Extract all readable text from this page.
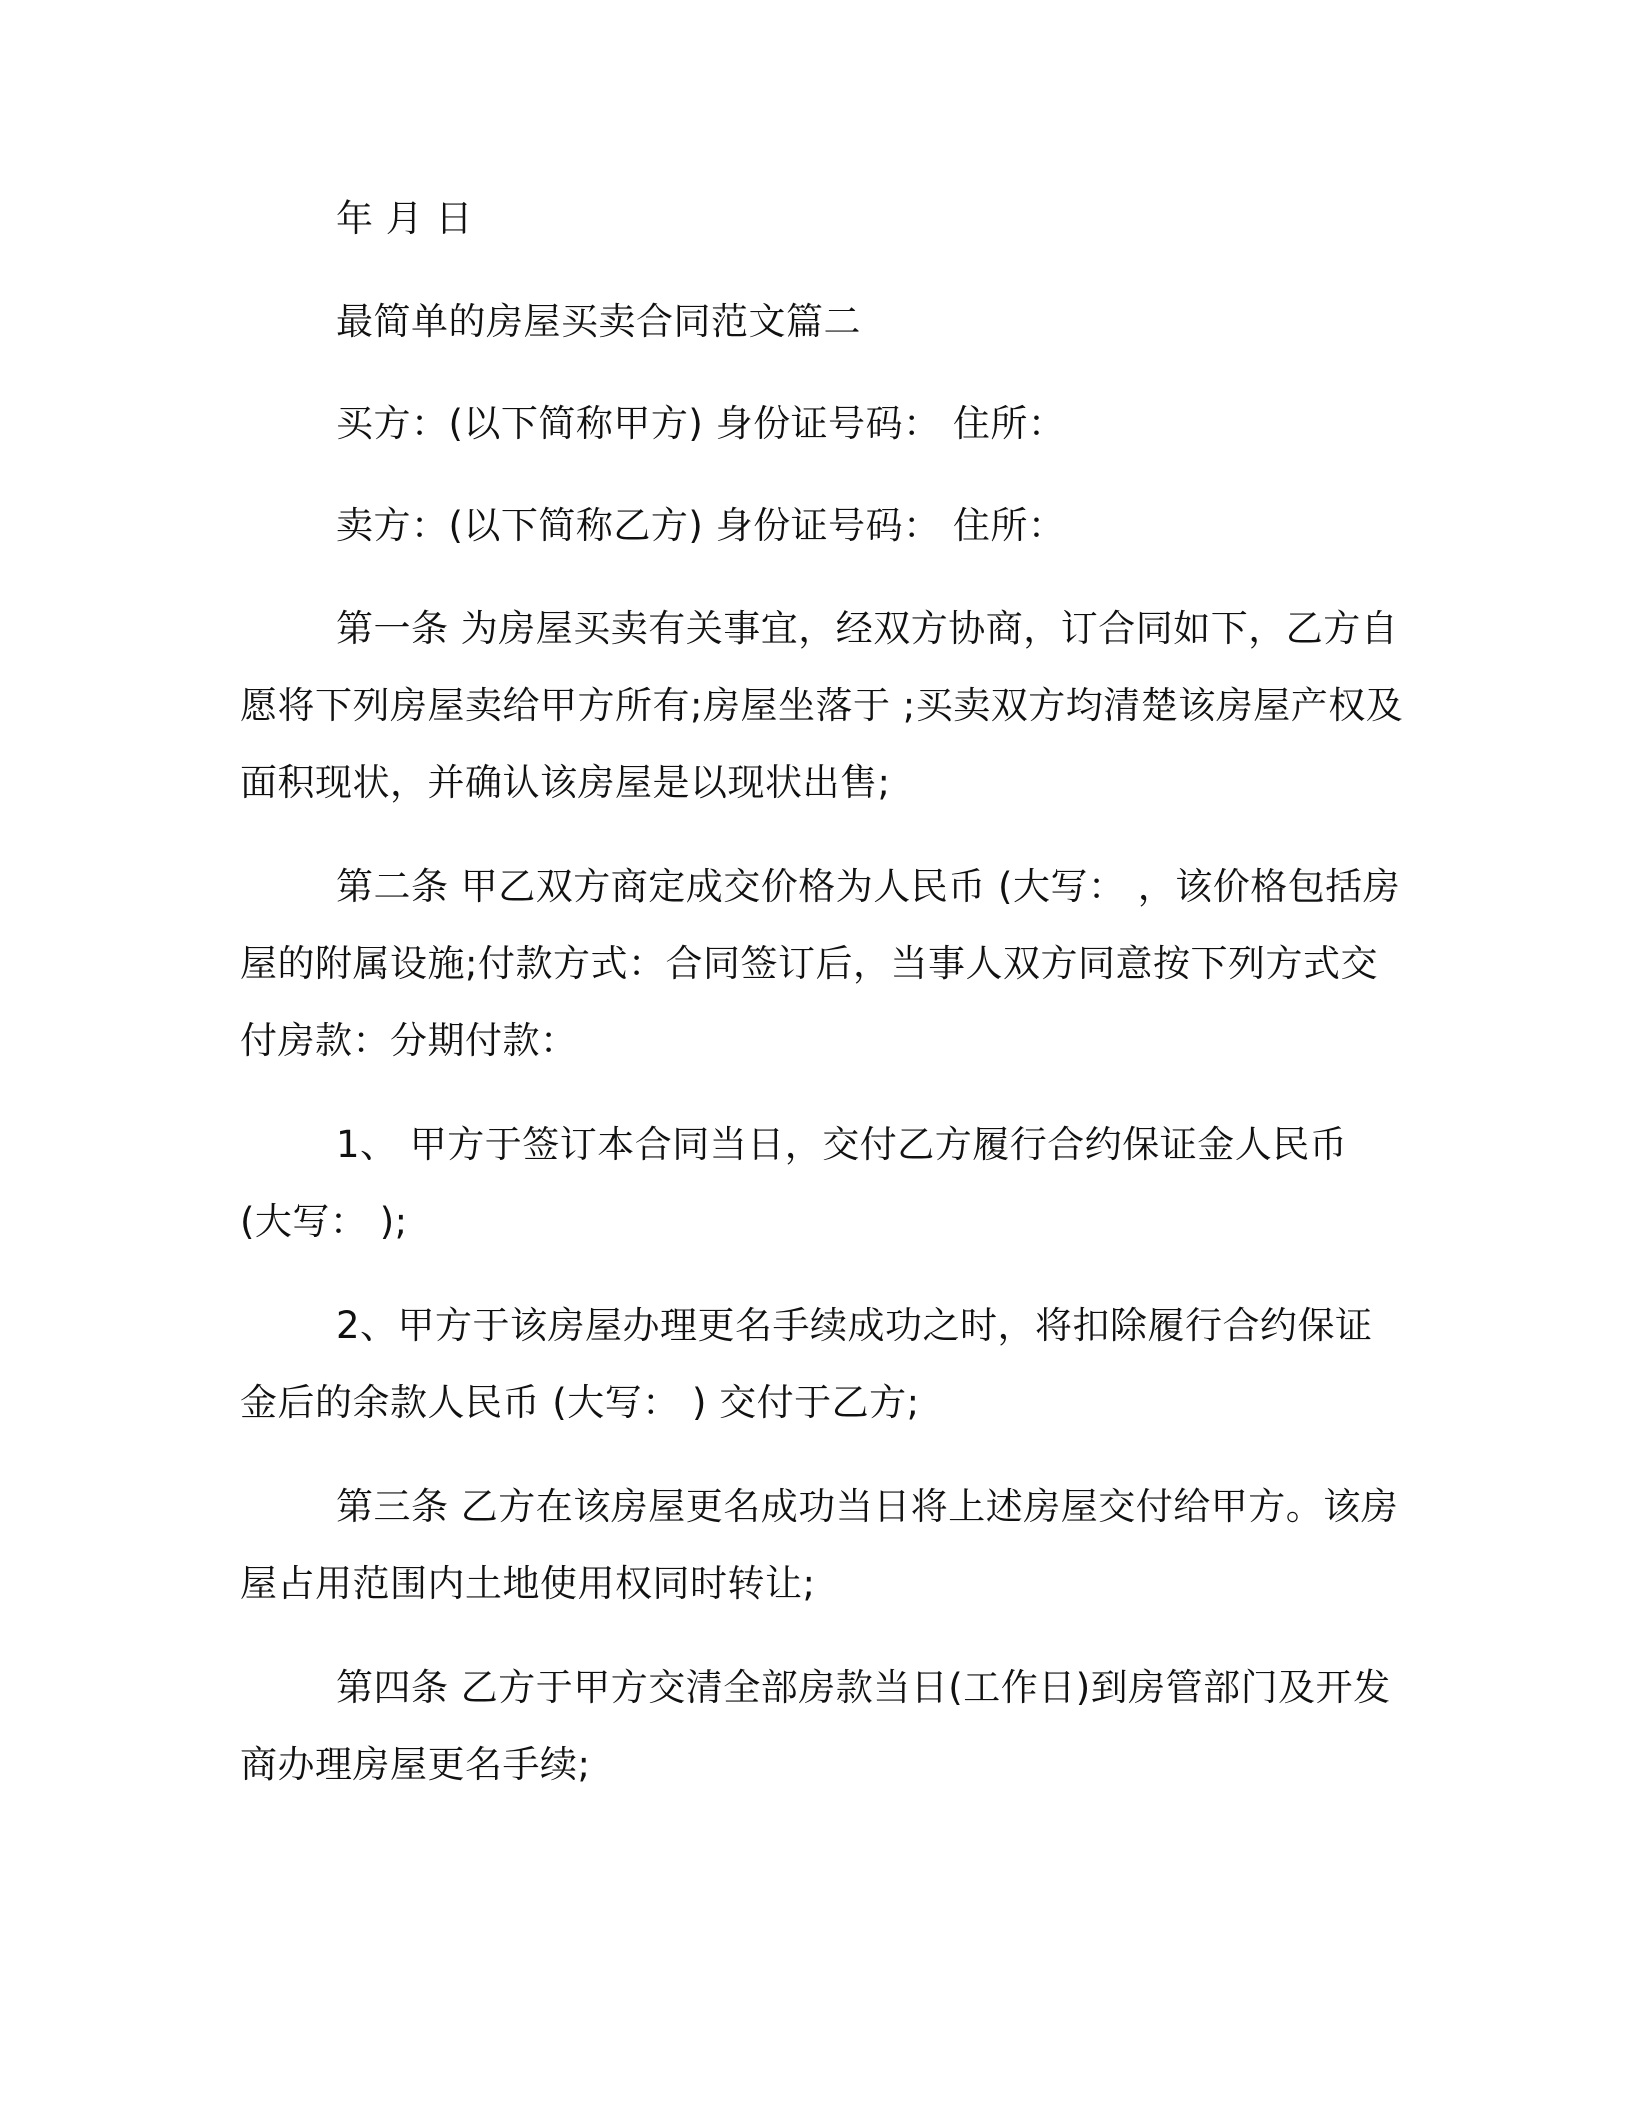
年 月 日
最简单的房屋买卖合同范文篇二
买方：(以下简称甲方) 身份证号码： 住所：
卖方：(以下简称乙方) 身份证号码： 住所：
第一条 为房屋买卖有关事宜，经双方协商，订合同如下，乙方自
愿将下列房屋卖给甲方所有;房屋坐落于 ;买卖双方均清楚该房屋产权及
面积现状，并确认该房屋是以现状出售;
第二条 甲乙双方商定成交价格为人民币 (大写： ，该价格包括房
屋的附属设施;付款方式：合同签订后，当事人双方同意按下列方式交
付房款：分期付款：
1、 甲方于签订本合同当日，交付乙方履行合约保证金人民币
(大写： );
2、甲方于该房屋办理更名手续成功之时，将扣除履行合约保证
金后的余款人民币 (大写： ) 交付于乙方;
第三条 乙方在该房屋更名成功当日将上述房屋交付给甲方。该房
屋占用范围内土地使用权同时转让;
第四条 乙方于甲方交清全部房款当日(工作日)到房管部门及开发
商办理房屋更名手续;
